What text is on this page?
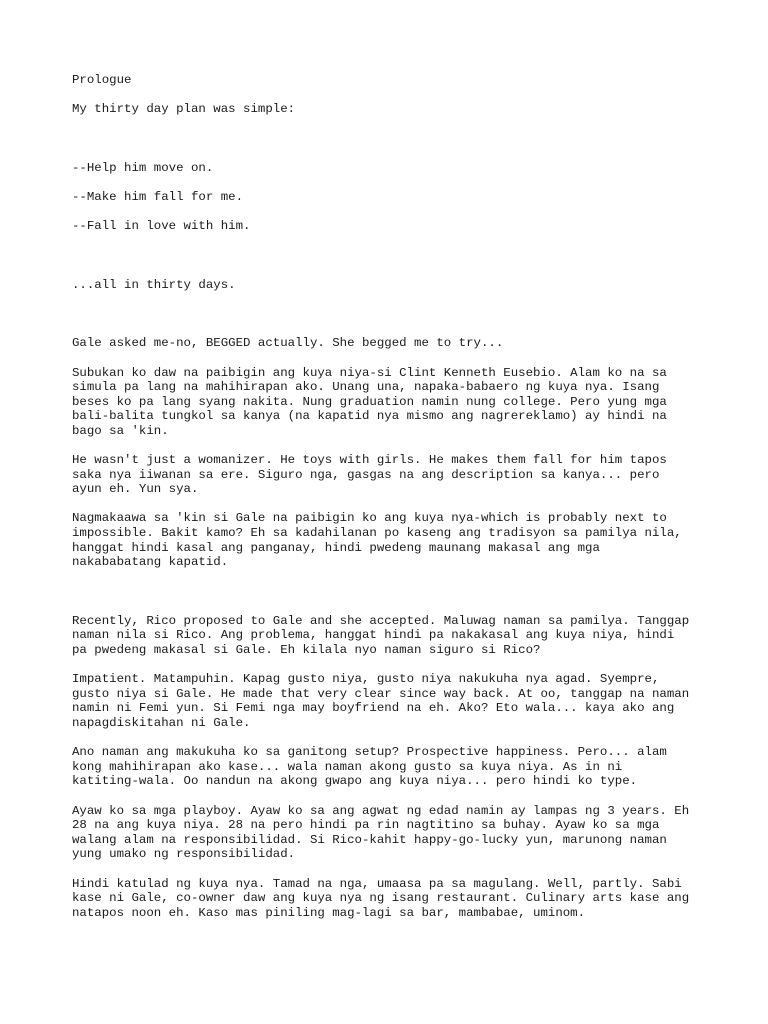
Prologue

My thirty day plan was simple:

--Help him move on.

--Make him fall for me.

--Fall in love with him.

...all in thirty days.

Gale asked me-no, BEGGED actually. She begged me to try...

Subukan ko daw na paibigin ang kuya niya-si Clint Kenneth Eusebio. Alam ko na sa
simula pa lang na mahihirapan ako. Unang una, napaka-babaero ng kuya nya. Isang
beses ko pa lang syang nakita. Nung graduation namin nung college. Pero yung mga
bali-balita tungkol sa kanya (na kapatid nya mismo ang nagrereklamo) ay hindi na
bago sa 'kin.

He wasn't just a womanizer. He toys with girls. He makes them fall for him tapos
saka nya iiwanan sa ere. Siguro nga, gasgas na ang description sa kanya... pero
ayun eh. Yun sya.

Nagmakaawa sa 'kin si Gale na paibigin ko ang kuya nya-which is probably next to
impossible. Bakit kamo? Eh sa kadahilanan po kaseng ang tradisyon sa pamilya nila,
hanggat hindi kasal ang panganay, hindi pwedeng maunang makasal ang mga
nakababatang kapatid.

Recently, Rico proposed to Gale and she accepted. Maluwag naman sa pamilya. Tanggap
naman nila si Rico. Ang problema, hanggat hindi pa nakakasal ang kuya niya, hindi
pa pwedeng makasal si Gale. Eh kilala nyo naman siguro si Rico?

Impatient. Matampuhin. Kapag gusto niya, gusto niya nakukuha nya agad. Syempre,
gusto niya si Gale. He made that very clear since way back. At oo, tanggap na naman
namin ni Femi yun. Si Femi nga may boyfriend na eh. Ako? Eto wala... kaya ako ang
napagdiskitahan ni Gale.

Ano naman ang makukuha ko sa ganitong setup? Prospective happiness. Pero... alam
kong mahihirapan ako kase... wala naman akong gusto sa kuya niya. As in ni
katiting-wala. Oo nandun na akong gwapo ang kuya niya... pero hindi ko type.

Ayaw ko sa mga playboy. Ayaw ko sa ang agwat ng edad namin ay lampas ng 3 years. Eh
28 na ang kuya niya. 28 na pero hindi pa rin nagtitino sa buhay. Ayaw ko sa mga
walang alam na responsibilidad. Si Rico-kahit happy-go-lucky yun, marunong naman
yung umako ng responsibilidad.

Hindi katulad ng kuya nya. Tamad na nga, umaasa pa sa magulang. Well, partly. Sabi
kase ni Gale, co-owner daw ang kuya nya ng isang restaurant. Culinary arts kase ang
natapos noon eh. Kaso mas piniling mag-lagi sa bar, mambabae, uminom.
